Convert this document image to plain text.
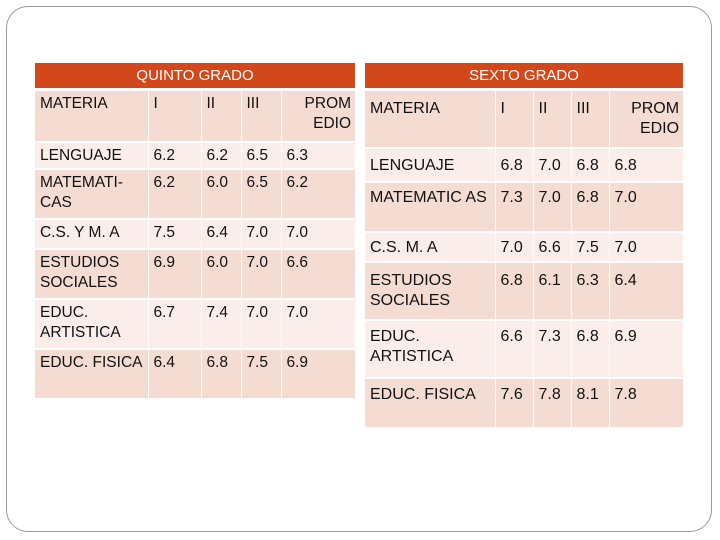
QUINTO GRADO				
MATERIA	I	II	III	PROM EDIO
LENGUAJE	6.2	6.2	6.5	6.3
MATEMATI-CAS	6.2	6.0	6.5	6.2
C.S. Y M. A	7.5	6.4	7.0	7.0
ESTUDIOS SOCIALES	6.9	6.0	7.0	6.6
EDUC. ARTISTICA	6.7	7.4	7.0	7.0
EDUC. FISICA	6.4	6.8	7.5	6.9
SEXTO GRADO				
MATERIA	I	II	III	PROM EDIO
LENGUAJE	6.8	7.0	6.8	6.8
MATEMATIC AS	7.3	7.0	6.8	7.0
C.S. M. A	7.0	6.6	7.5	7.0
ESTUDIOS SOCIALES	6.8	6.1	6.3	6.4
EDUC. ARTISTICA	6.6	7.3	6.8	6.9
EDUC. FISICA	7.6	7.8	8.1	7.8
